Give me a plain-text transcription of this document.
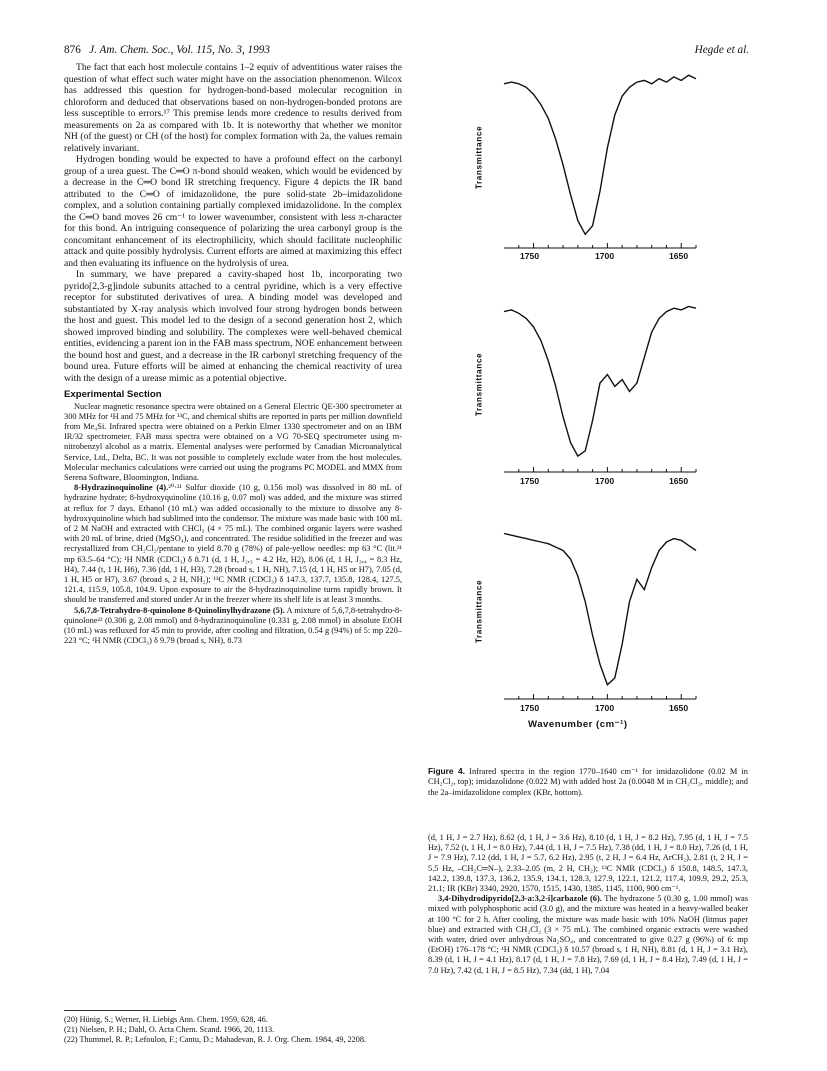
876 J. Am. Chem. Soc., Vol. 115, No. 3, 1993	Hegde et al.

The fact that each host molecule contains 1–2 equiv of adventitious water raises the question of what effect such water might have on the association phenomenon. Wilcox has addressed this question for hydrogen-bond-based molecular recognition in chloroform and deduced that observations based on non-hydrogen-bonded protons are less susceptible to errors.¹⁷ This premise lends more credence to results derived from measurements on 2a as compared with 1b. It is noteworthy that whether we monitor NH (of the guest) or CH (of the host) for complex formation with 2a, the values remain relatively invariant.

Hydrogen bonding would be expected to have a profound effect on the carbonyl group of a urea guest. The C═O π-bond should weaken, which would be evidenced by a decrease in the C═O bond IR stretching frequency. Figure 4 depicts the IR band attributed to the C═O of imidazolidone, the pure solid-state 2b–imidazolidone complex, and a solution containing partially complexed imidazolidone. In the complex the C═O band moves 26 cm⁻¹ to lower wavenumber, consistent with less π-character for this bond. An intriguing consequence of polarizing the urea carbonyl group is the concomitant enhancement of its electrophilicity, which should facilitate nucleophilic attack and quite possibly hydrolysis. Current efforts are aimed at maximizing this effect and then evaluating its influence on the hydrolysis of urea.

In summary, we have prepared a cavity-shaped host 1b, incorporating two pyrido[2,3-g]indole subunits attached to a central pyridine, which is a very effective receptor for substituted derivatives of urea. A binding model was developed and substantiated by X-ray analysis which involved four strong hydrogen bonds between the host and guest. This model led to the design of a second generation host 2, which showed improved binding and solubility. The complexes were well-behaved chemical entities, evidencing a parent ion in the FAB mass spectrum, NOE enhancement between the bound host and guest, and a decrease in the IR carbonyl stretching frequency of the bound urea. Future efforts will be aimed at enhancing the chemical reactivity of urea with the design of a urease mimic as a potential objective.

Experimental Section

Nuclear magnetic resonance spectra were obtained on a General Electric QE-300 spectrometer at 300 MHz for ¹H and 75 MHz for ¹³C, and chemical shifts are reported in parts per million downfield from Me₄Si. Infrared spectra were obtained on a Perkin Elmer 1330 spectrometer and on an IBM IR/32 spectrometer. FAB mass spectra were obtained on a VG 70-SEQ spectrometer using m-nitrobenzyl alcohol as a matrix. Elemental analyses were performed by Canadian Microanalytical Service, Ltd., Delta, BC. It was not possible to completely exclude water from the host molecules. Molecular mechanics calculations were carried out using the programs PC MODEL and MMX from Serena Software, Bloomington, Indiana.

8-Hydrazinoquinoline (4).²⁰·²¹ Sulfur dioxide (10 g, 0.156 mol) was dissolved in 80 mL of hydrazine hydrate; 8-hydroxyquinoline (10.16 g, 0.07 mol) was added, and the mixture was stirred at reflux for 7 days. Ethanol (10 mL) was added occasionally to the mixture to dissolve any 8-hydroxyquinoline which had sublimed into the condensor. The mixture was made basic with 100 mL of 2 M NaOH and extracted with CHCl₃ (4 × 75 mL). The combined organic layers were washed with 20 mL of brine, dried (MgSO₄), and concentrated. The residue solidified in the freezer and was recrystallized from CH₂Cl₂/pentane to yield 8.70 g (78%) of pale-yellow needles: mp 63 °C (lit.²¹ mp 63.5–64 °C); ¹H NMR (CDCl₃) δ 8.71 (d, 1 H, J₂,₃ = 4.2 Hz, H2), 8.06 (d, 1 H, J₃,₄ = 8.3 Hz, H4), 7.44 (t, 1 H, H6), 7.36 (dd, 1 H, H3), 7.28 (broad s, 1 H, NH), 7.15 (d, 1 H, H5 or H7), 7.05 (d, 1 H, H5 or H7), 3.67 (broad s, 2 H, NH₂); ¹³C NMR (CDCl₃) δ 147.3, 137.7, 135.8, 128.4, 127.5, 121.4, 115.9, 105.8, 104.9. Upon exposure to air the 8-hydrazinoquinoline turns rapidly brown. It should be transferred and stored under Ar in the freezer where its shelf life is at least 3 months.

5,6,7,8-Tetrahydro-8-quinolone 8-Quinolinylhydrazone (5). A mixture of 5,6,7,8-tetrahydro-8-quinolone²² (0.306 g, 2.08 mmol) and 8-hydrazinoquinoline (0.331 g, 2.08 mmol) in absolute EtOH (10 mL) was refluxed for 45 min to provide, after cooling and filtration, 0.54 g (94%) of 5: mp 220–223 °C; ¹H NMR (CDCl₃) δ 9.79 (broad s, NH), 8.73

(20) Hünig, S.; Werner, H. Liebigs Ann. Chem. 1959, 628, 46.

(21) Nielsen, P. H.; Dahl, O. Acta Chem. Scand. 1966, 20, 1113.

(22) Thummel, R. P.; Lefoulon, F.; Cantu, D.; Mahadevan, R. J. Org. Chem. 1984, 49, 2208.

Transmittance
1750	1700	1650
Transmittance
1750	1700	1650
Transmittance
1750	1700	1650
Wavenumber (cm⁻¹)
Figure 4. Infrared spectra in the region 1770–1640 cm⁻¹ for imidazolidone (0.02 M in CH₂Cl₂, top); imidazolidone (0.022 M) with added host 2a (0.0048 M in CH₂Cl₂, middle); and the 2a–imidazolidone complex (KBr, bottom).

(d, 1 H, J = 2.7 Hz), 8.62 (d, 1 H, J = 3.6 Hz), 8.10 (d, 1 H, J = 8.2 Hz), 7.95 (d, 1 H, J = 7.5 Hz), 7.52 (t, 1 H, J = 8.0 Hz), 7.44 (d, 1 H, J = 7.5 Hz), 7.38 (dd, 1 H, J = 8.0 Hz), 7.26 (d, 1 H, J = 7.9 Hz), 7.12 (dd, 1 H, J = 5.7, 6.2 Hz), 2.95 (t, 2 H, J = 6.4 Hz, ArCH₂), 2.81 (t, 2 H, J = 5.5 Hz, –CH₂C═N–), 2.33–2.05 (m, 2 H, CH₂); ¹³C NMR (CDCl₃) δ 150.8, 148.5, 147.3, 142.2, 139.8, 137.3, 136.2, 135.9, 134.1, 128.3, 127.9, 122.1, 121.2, 117.4, 109.9, 29.2, 25.3, 21.1; IR (KBr) 3340, 2920, 1570, 1515, 1430, 1385, 1145, 1100, 900 cm⁻¹.

3,4-Dihydrodipyrido[2,3-a:3,2-i]carbazole (6). The hydrazone 5 (0.30 g, 1.00 mmol) was mixed with polyphosphoric acid (3.0 g), and the mixture was heated in a heavy-walled beaker at 100 °C for 2 h. After cooling, the mixture was made basic with 10% NaOH (litmus paper blue) and extracted with CH₂Cl₂ (3 × 75 mL). The combined organic extracts were washed with water, dried over anhydrous Na₂SO₄, and concentrated to give 0.27 g (96%) of 6: mp (EtOH) 176–178 °C; ¹H NMR (CDCl₃) δ 10.57 (broad s, 1 H, NH), 8.81 (d, 1 H, J = 3.1 Hz), 8.39 (d, 1 H, J = 4.1 Hz), 8.17 (d, 1 H, J = 7.8 Hz), 7.69 (d, 1 H, J = 8.4 Hz), 7.49 (d, 1 H, J = 7.0 Hz), 7.42 (d, 1 H, J = 8.5 Hz), 7.34 (dd, 1 H), 7.04
